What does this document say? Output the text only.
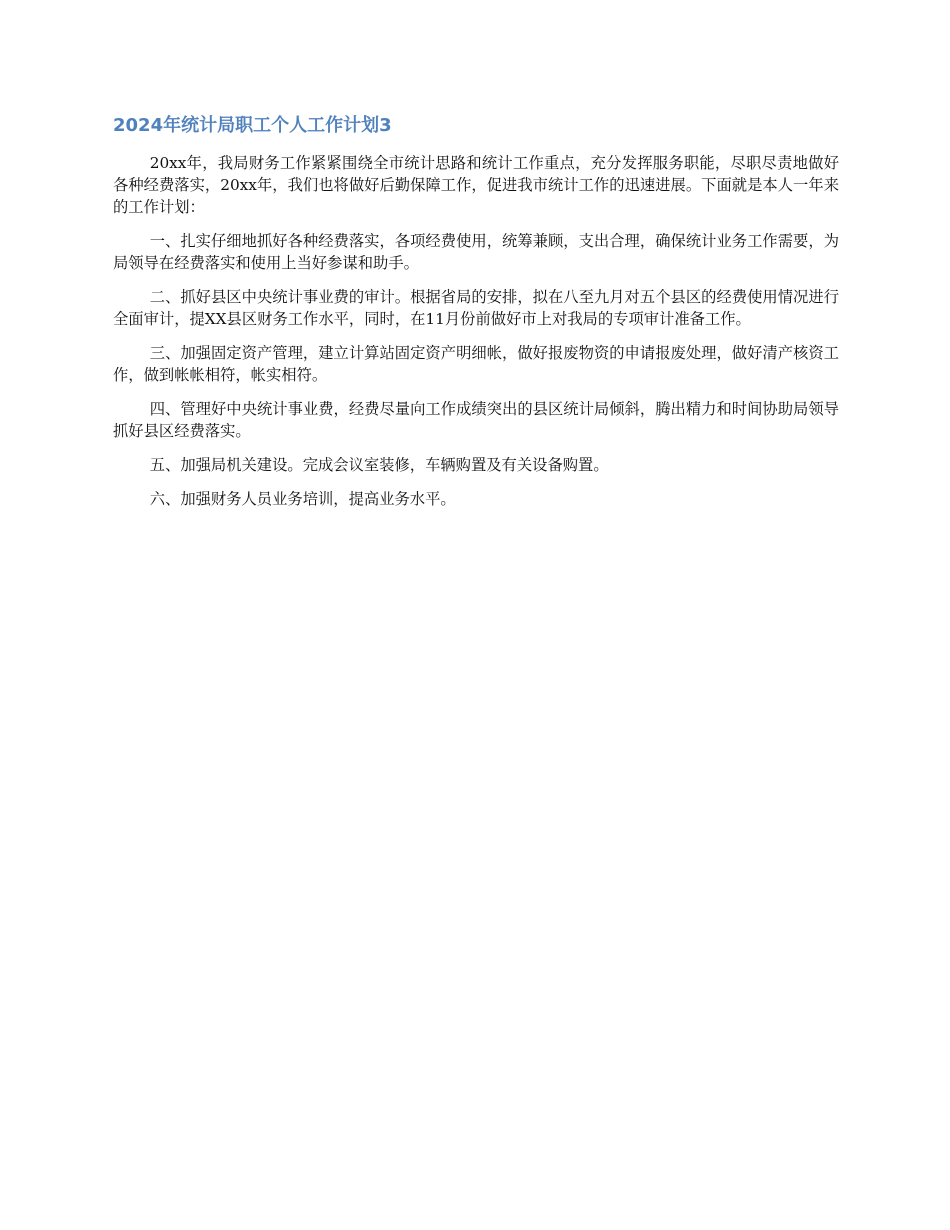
2024年统计局职工个人工作计划3

20xx年，我局财务工作紧紧围绕全市统计思路和统计工作重点，充分发挥服务职能，尽职尽责地做好各种经费落实，20xx年，我们也将做好后勤保障工作，促进我市统计工作的迅速进展。下面就是本人一年来的工作计划：

一、扎实仔细地抓好各种经费落实，各项经费使用，统筹兼顾，支出合理，确保统计业务工作需要，为局领导在经费落实和使用上当好参谋和助手。

二、抓好县区中央统计事业费的审计。根据省局的安排，拟在八至九月对五个县区的经费使用情况进行全面审计，提XX县区财务工作水平，同时，在11月份前做好市上对我局的专项审计准备工作。

三、加强固定资产管理，建立计算站固定资产明细帐，做好报废物资的申请报废处理，做好清产核资工作，做到帐帐相符，帐实相符。

四、管理好中央统计事业费，经费尽量向工作成绩突出的县区统计局倾斜，腾出精力和时间协助局领导抓好县区经费落实。

五、加强局机关建设。完成会议室装修，车辆购置及有关设备购置。

六、加强财务人员业务培训，提高业务水平。
